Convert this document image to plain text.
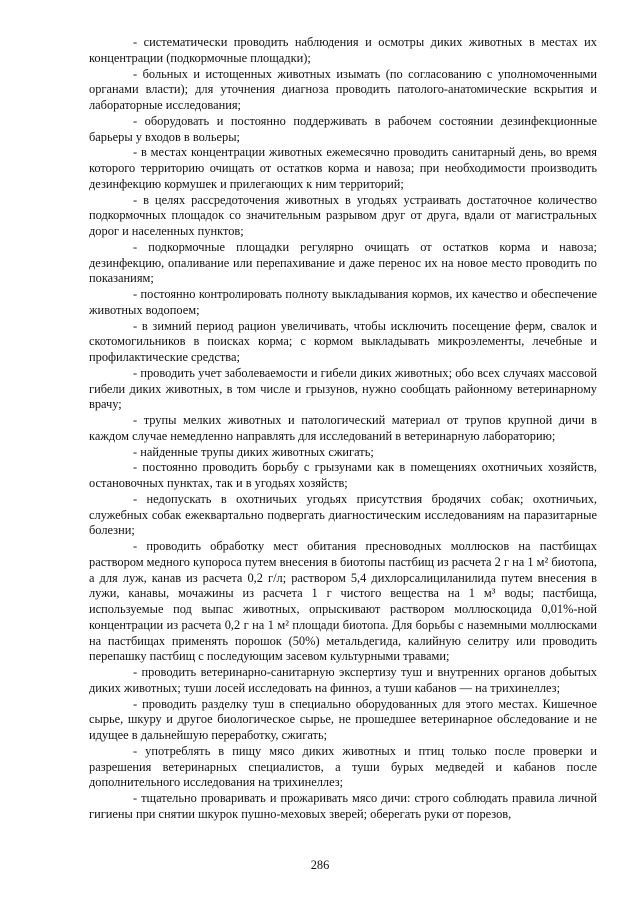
- систематически проводить наблюдения и осмотры диких животных в местах их концентрации (подкормочные площадки);

- больных и истощенных животных изымать (по согласованию с уполномоченными органами власти); для уточнения диагноза проводить патолого-анатомические вскрытия и лабораторные исследования;

- оборудовать и постоянно поддерживать в рабочем состоянии дезинфекционные барьеры у входов в вольеры;

- в местах концентрации животных ежемесячно проводить санитарный день, во время которого территорию очищать от остатков корма и навоза; при необходимости производить дезинфекцию кормушек и прилегающих к ним территорий;

- в целях рассредоточения животных в угодьях устраивать достаточное количество подкормочных площадок со значительным разрывом друг от друга, вдали от магистральных дорог и населенных пунктов;

- подкормочные площадки регулярно очищать от остатков корма и навоза; дезинфекцию, опаливание или перепахивание и даже перенос их на новое место проводить по показаниям;

- постоянно контролировать полноту выкладывания кормов, их качество и обеспечение животных водопоем;

- в зимний период рацион увеличивать, чтобы исключить посещение ферм, свалок и скотомогильников в поисках корма; с кормом выкладывать микроэлементы, лечебные и профилактические средства;

- проводить учет заболеваемости и гибели диких животных; обо всех случаях массовой гибели диких животных, в том числе и грызунов, нужно сообщать районному ветеринарному врачу;

- трупы мелких животных и патологический материал от трупов крупной дичи в каждом случае немедленно направлять для исследований в ветеринарную лабораторию;

- найденные трупы диких животных сжигать;

- постоянно проводить борьбу с грызунами как в помещениях охотничьих хозяйств, остановочных пунктах, так и в угодьях хозяйств;

- недопускать в охотничьих угодьях присутствия бродячих собак; охотничьих, служебных собак ежеквартально подвергать диагностическим исследованиям на паразитарные болезни;

- проводить обработку мест обитания пресноводных моллюсков на пастбищах раствором медного купороса путем внесения в биотопы пастбищ из расчета 2 г на 1 м² биотопа, а для луж, канав из расчета 0,2 г/л; раствором 5,4 дихлорсалициланилида путем внесения в лужи, канавы, мочажины из расчета 1 г чистого вещества на 1 м³ воды; пастбища, используемые под выпас животных, опрыскивают раствором моллюскоцида 0,01%-ной концентрации из расчета 0,2 г на 1 м² площади биотопа. Для борьбы с наземными моллюсками на пастбищах применять порошок (50%) метальдегида, калийную селитру или проводить перепашку пастбищ с последующим засевом культурными травами;

- проводить ветеринарно-санитарную экспертизу туш и внутренних органов добытых диких животных; туши лосей исследовать на финноз, а туши кабанов — на трихинеллез;

- проводить разделку туш в специально оборудованных для этого местах. Кишечное сырье, шкуру и другое биологическое сырье, не прошедшее ветеринарное обследование и не идущее в дальнейшую переработку, сжигать;

- употреблять в пищу мясо диких животных и птиц только после проверки и разрешения ветеринарных специалистов, а туши бурых медведей и кабанов после дополнительного исследования на трихинеллез;

- тщательно проваривать и прожаривать мясо дичи: строго соблюдать правила личной гигиены при снятии шкурок пушно-меховых зверей; оберегать руки от порезов,

286
